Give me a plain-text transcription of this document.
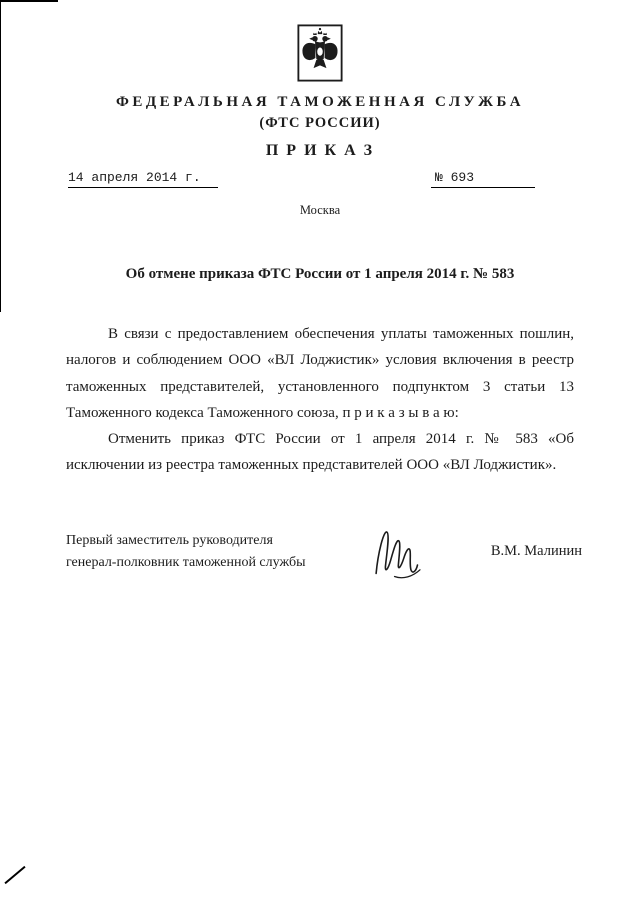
ФЕДЕРАЛЬНАЯ ТАМОЖЕННАЯ СЛУЖБА
(ФТС РОССИИ)
П Р И К А З
14 апреля 2014 г.	№ 693
Москва
Об отмене приказа ФТС России от 1 апреля 2014 г. № 583

В связи с предоставлением обеспечения уплаты таможенных пошлин, налогов и соблюдением ООО «ВЛ Лоджистик» условия включения в реестр таможенных представителей, установленного подпунктом 3 статьи 13 Таможенного кодекса Таможенного союза, п р и к а з ы в а ю:

Отменить приказ ФТС России от 1 апреля 2014 г. № 583 «Об исключении из реестра таможенных представителей ООО «ВЛ Лоджистик».

Первый заместитель руководителя
генерал-полковник таможенной службы
В.М. Малинин
